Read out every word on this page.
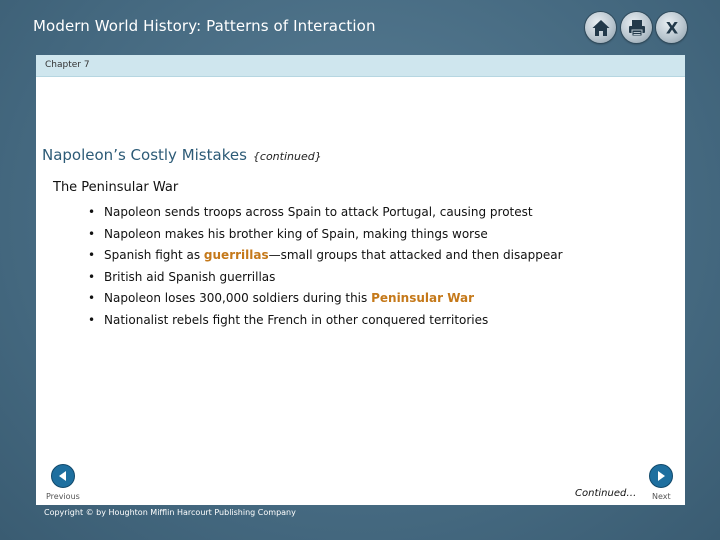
Modern World History: Patterns of Interaction	X
Chapter 7
Napoleon’s Costly Mistakes {continued}
The Peninsular War
• Napoleon sends troops across Spain to attack Portugal, causing protest
• Napoleon makes his brother king of Spain, making things worse
• Spanish fight as guerrillas—small groups that attacked and then disappear
• British aid Spanish guerrillas
• Napoleon loses 300,000 soldiers during this Peninsular War
• Nationalist rebels fight the French in other conquered territories
Previous	Continued… Next
Copyright © by Houghton Mifflin Harcourt Publishing Company
